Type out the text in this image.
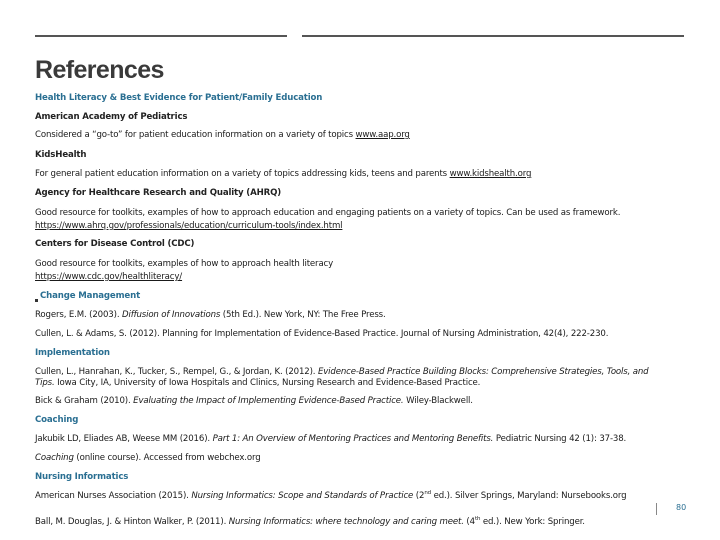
References
Health Literacy & Best Evidence for Patient/Family Education
American Academy of Pediatrics
Considered a “go-to” for patient education information on a variety of topics www.aap.org
KidsHealth
For general patient education information on a variety of topics addressing kids, teens and parents www.kidshealth.org
Agency for Healthcare Research and Quality (AHRQ)
Good resource for toolkits, examples of how to approach education and engaging patients on a variety of topics. Can be used as framework.
https://www.ahrq.gov/professionals/education/curriculum-tools/index.html
Centers for Disease Control (CDC)
Good resource for toolkits, examples of how to approach health literacy
https://www.cdc.gov/healthliteracy/
Change Management
Rogers, E.M. (2003). Diffusion of Innovations (5th Ed.). New York, NY: The Free Press.
Cullen, L. & Adams, S. (2012). Planning for Implementation of Evidence-Based Practice. Journal of Nursing Administration, 42(4), 222-230.
Implementation
Cullen, L., Hanrahan, K., Tucker, S., Rempel, G., & Jordan, K. (2012). Evidence-Based Practice Building Blocks: Comprehensive Strategies, Tools, and
Tips. Iowa City, IA, University of Iowa Hospitals and Clinics, Nursing Research and Evidence-Based Practice.
Bick & Graham (2010). Evaluating the Impact of Implementing Evidence-Based Practice. Wiley-Blackwell.
Coaching
Jakubik LD, Eliades AB, Weese MM (2016). Part 1: An Overview of Mentoring Practices and Mentoring Benefits. Pediatric Nursing 42 (1): 37-38.
Coaching (online course). Accessed from webchex.org
Nursing Informatics
American Nurses Association (2015). Nursing Informatics: Scope and Standards of Practice (2nd ed.). Silver Springs, Maryland: Nursebooks.org
Ball, M. Douglas, J. & Hinton Walker, P. (2011). Nursing Informatics: where technology and caring meet. (4th ed.). New York: Springer.
80
